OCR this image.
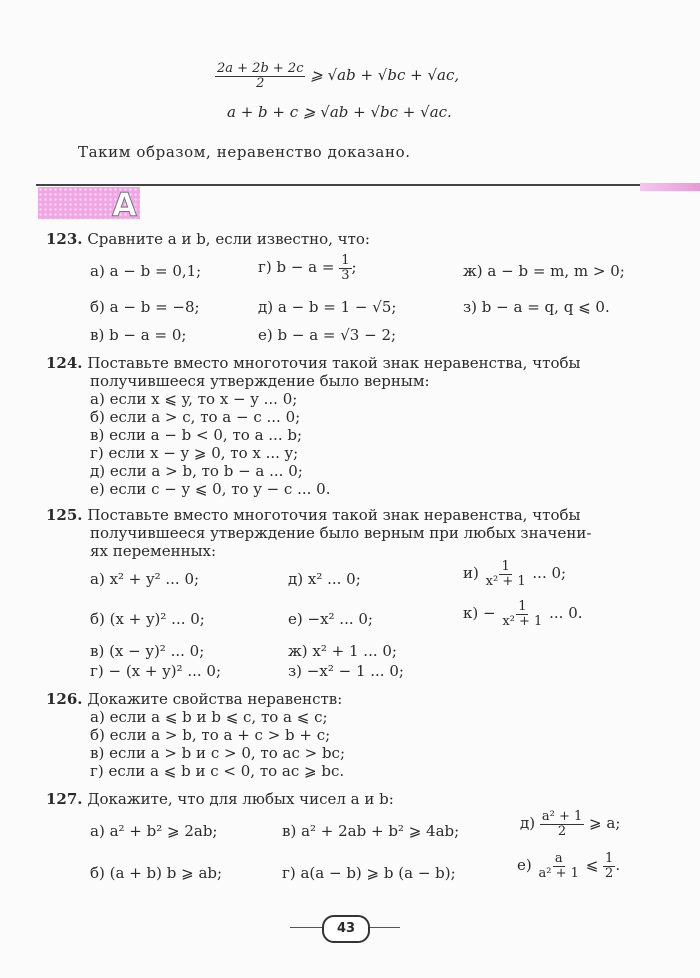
$\frac{2a + 2b + 2c}{2}$ ⩾ √ab + √bc + √ac,
a + b + c ⩾ √ab + √bc + √ac.
Таким образом, неравенство доказано.
А
123. Сравните a и b, если известно, что:
а) a − b = 0,1;	г) $b - a = \frac{1}{3}$ ;	ж) a − b = m, m > 0;
б) a − b = −8;	д) a − b = 1 − √5;	з) b − a = q, q ⩽ 0.
в) b − a = 0;	е) b − a = √3 − 2;
124. Поставьте вместо многоточия такой знак неравенства, чтобы
получившееся утверждение было верным:
а) если x ⩽ y, то x − y ... 0;
б) если a > c, то a − c ... 0;
в) если a − b < 0, то a ... b;
г) если x − y ⩾ 0, то x ... y;
д) если a > b, то b − a ... 0;
е) если c − y ⩽ 0, то y − c ... 0.
125. Поставьте вместо многоточия такой знак неравенства, чтобы
получившееся утверждение было верным при любых значени-
ях переменных:
а) x² + y² ... 0;	д) x² ... 0;	$и) \frac{1}{\text{x² + 1}}$ ... 0;
б) (x + y)² ... 0;	е) −x² ... 0;	$к) - \frac{1}{\text{x² + 1}}$ ... 0.
в) (x − y)² ... 0;	ж) x² + 1 ... 0;
г) − (x + y)² ... 0;	з) −x² − 1 ... 0;
126. Докажите свойства неравенств:
а) если a ⩽ b и b ⩽ c, то a ⩽ c;
б) если a > b, то a + c > b + c;
в) если a > b и c > 0, то ac > bc;
г) если a ⩽ b и c < 0, то ac ⩾ bc.
127. Докажите, что для любых чисел a и b:
а) a² + b² ⩾ 2ab;	в) a² + 2ab + b² ⩾ 4ab;	$д) \frac{\text{a² + 1}}{2}$ ⩾ a;
б) (a + b) b ⩾ ab;	г) a(a − b) ⩾ b (a − b);	$е) \frac{a}{\text{a² + 1}}$ ⩽ $\frac{1}{2}$ .
43
